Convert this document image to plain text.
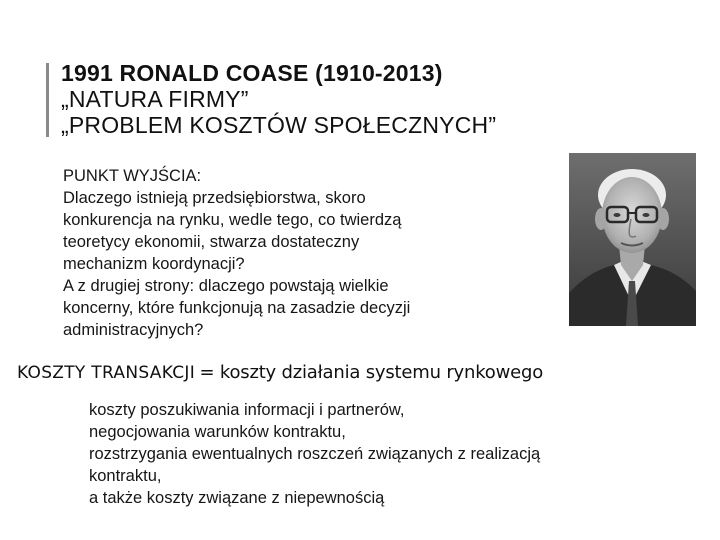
1991 RONALD COASE (1910-2013)
„NATURA FIRMY”
„PROBLEM KOSZTÓW SPOŁECZNYCH”
PUNKT WYJŚCIA:
Dlaczego istnieją przedsiębiorstwa, skoro
konkurencja na rynku, wedle tego, co twierdzą
teoretycy ekonomii, stwarza dostateczny
mechanizm koordynacji?
A z drugiej strony: dlaczego powstają wielkie
koncerny, które funkcjonują na zasadzie decyzji
administracyjnych?
KOSZTY TRANSAKCJI = koszty działania systemu rynkowego
koszty poszukiwania informacji i partnerów,
negocjowania warunków kontraktu,
rozstrzygania ewentualnych roszczeń związanych z realizacją
kontraktu,
a także koszty związane z niepewnością
